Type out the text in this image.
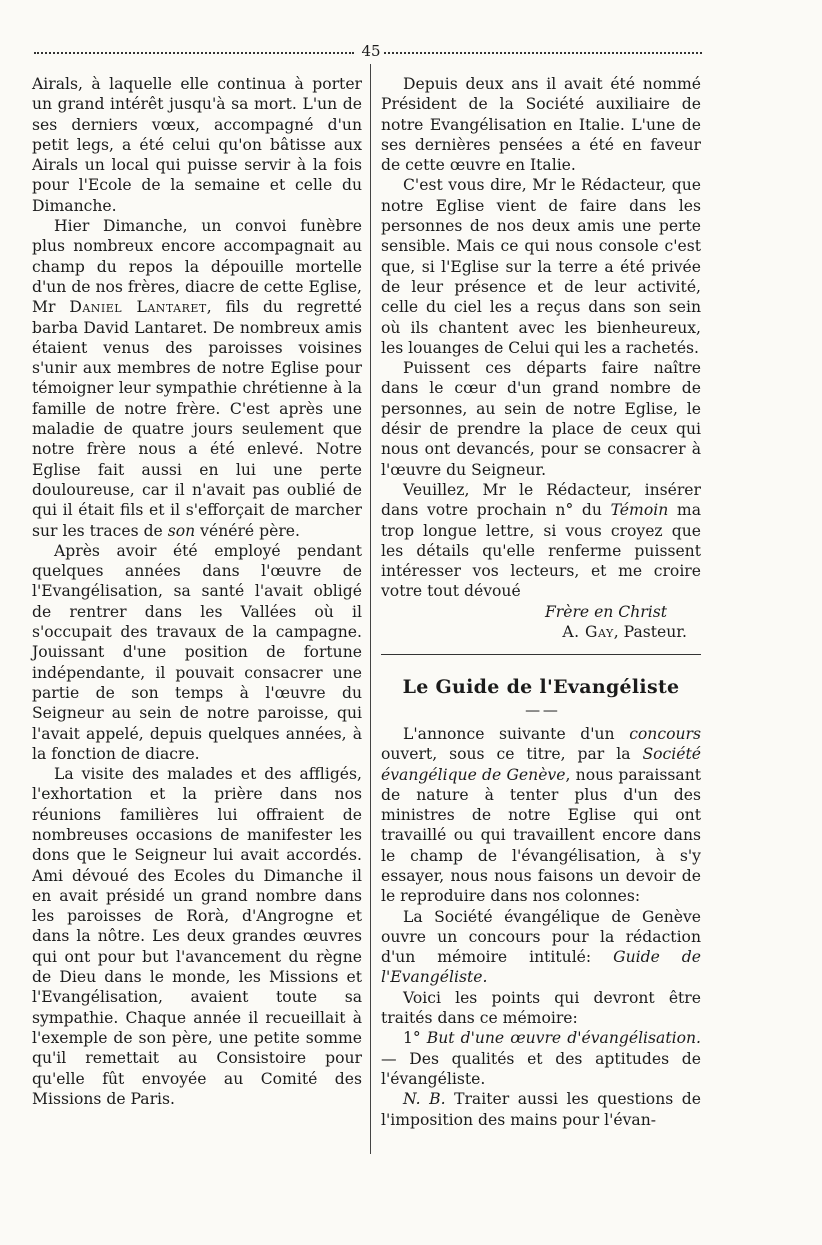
45

Airals, à laquelle elle continua à porter un grand intérêt jusqu'à sa mort. L'un de ses derniers vœux, accompagné d'un petit legs, a été celui qu'on bâtisse aux Airals un local qui puisse servir à la fois pour l'Ecole de la semaine et celle du Dimanche.

Hier Dimanche, un convoi funèbre plus nombreux encore accompagnait au champ du repos la dépouille mortelle d'un de nos frères, diacre de cette Eglise, Mr Daniel Lantaret, fils du regretté barba David Lantaret. De nombreux amis étaient venus des paroisses voisines s'unir aux membres de notre Eglise pour témoigner leur sympathie chrétienne à la famille de notre frère. C'est après une maladie de quatre jours seulement que notre frère nous a été enlevé. Notre Eglise fait aussi en lui une perte douloureuse, car il n'avait pas oublié de qui il était fils et il s'efforçait de marcher sur les traces de son vénéré père.

Après avoir été employé pendant quelques années dans l'œuvre de l'Evangélisation, sa santé l'avait obligé de rentrer dans les Vallées où il s'occupait des travaux de la campagne. Jouissant d'une position de fortune indépendante, il pouvait consacrer une partie de son temps à l'œuvre du Seigneur au sein de notre paroisse, qui l'avait appelé, depuis quelques années, à la fonction de diacre.

La visite des malades et des affligés, l'exhortation et la prière dans nos réunions familières lui offraient de nombreuses occasions de manifester les dons que le Seigneur lui avait accordés. Ami dévoué des Ecoles du Dimanche il en avait présidé un grand nombre dans les paroisses de Rorà, d'Angrogne et dans la nôtre. Les deux grandes œuvres qui ont pour but l'avancement du règne de Dieu dans le monde, les Missions et l'Evangélisation, avaient toute sa sympathie. Chaque année il recueillait à l'exemple de son père, une petite somme qu'il remettait au Consistoire pour qu'elle fût envoyée au Comité des Missions de Paris.

Depuis deux ans il avait été nommé Président de la Société auxiliaire de notre Evangélisation en Italie. L'une de ses dernières pensées a été en faveur de cette œuvre en Italie.

C'est vous dire, Mr le Rédacteur, que notre Eglise vient de faire dans les personnes de nos deux amis une perte sensible. Mais ce qui nous console c'est que, si l'Eglise sur la terre a été privée de leur présence et de leur activité, celle du ciel les a reçus dans son sein où ils chantent avec les bienheureux, les louanges de Celui qui les a rachetés.

Puissent ces départs faire naître dans le cœur d'un grand nombre de personnes, au sein de notre Eglise, le désir de prendre la place de ceux qui nous ont devancés, pour se consacrer à l'œuvre du Seigneur.

Veuillez, Mr le Rédacteur, insérer dans votre prochain n° du Témoin ma trop longue lettre, si vous croyez que les détails qu'elle renferme puissent intéresser vos lecteurs, et me croire votre tout dévoué

Frère en Christ

A. Gay, Pasteur.

Le Guide de l'Evangéliste
— —

L'annonce suivante d'un concours ouvert, sous ce titre, par la Société évangélique de Genève, nous paraissant de nature à tenter plus d'un des ministres de notre Eglise qui ont travaillé ou qui travaillent encore dans le champ de l'évangélisation, à s'y essayer, nous nous faisons un devoir de le reproduire dans nos colonnes:

La Société évangélique de Genève ouvre un concours pour la rédaction d'un mémoire intitulé: Guide de l'Evangéliste.

Voici les points qui devront être traités dans ce mémoire:

1° But d'une œuvre d'évangélisation. — Des qualités et des aptitudes de l'évangéliste.

N. B. Traiter aussi les questions de l'imposition des mains pour l'évan-
